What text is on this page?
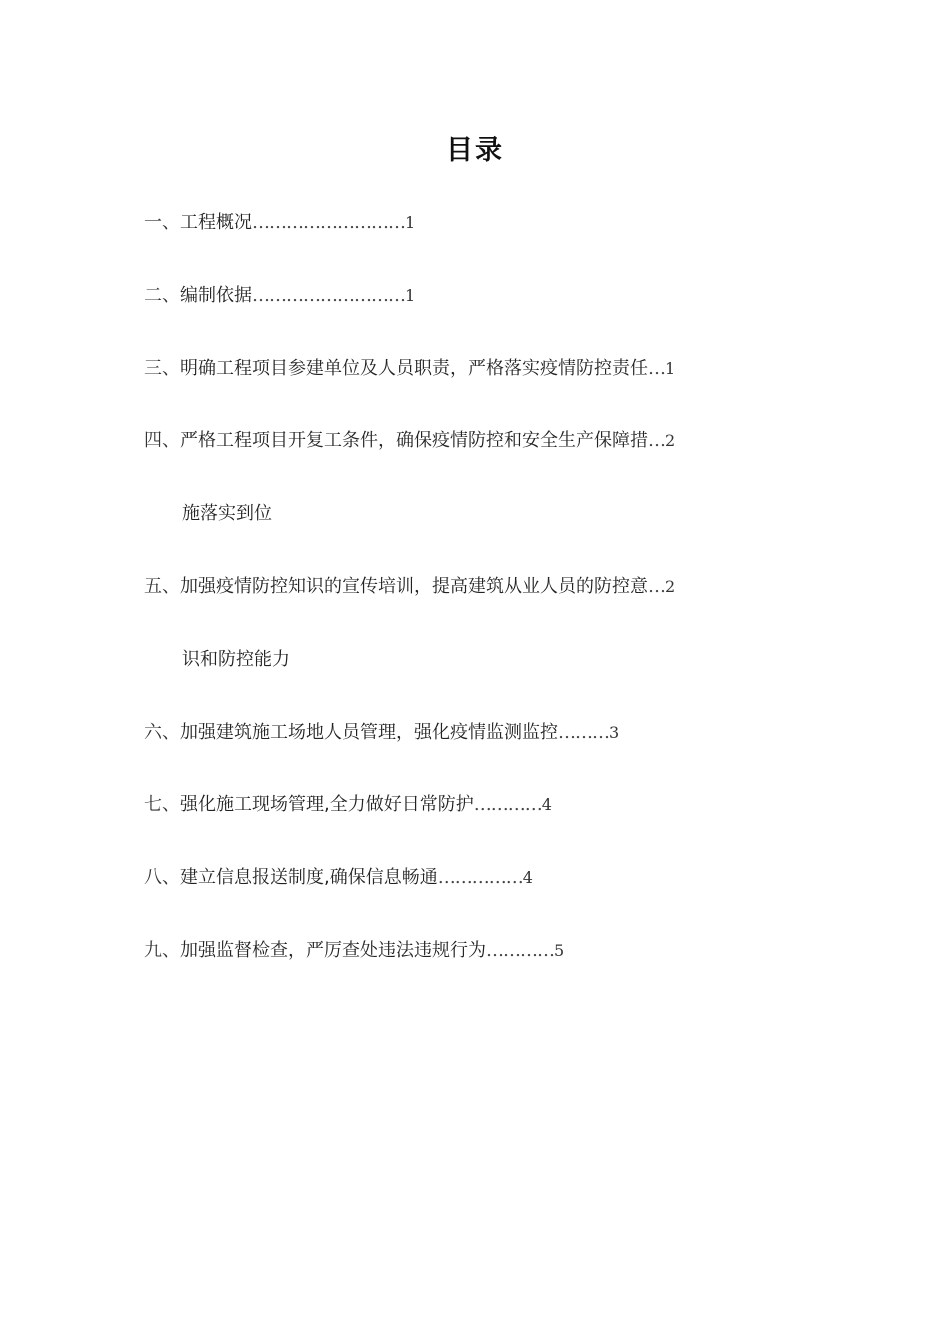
目录
一、工程概况………………………1
二、编制依据………………………1
三、明确工程项目参建单位及人员职责，严格落实疫情防控责任…1
四、严格工程项目开复工条件，确保疫情防控和安全生产保障措…2
施落实到位
五、加强疫情防控知识的宣传培训，提高建筑从业人员的防控意…2
识和防控能力
六、加强建筑施工场地人员管理，强化疫情监测监控………3
七、强化施工现场管理,全力做好日常防护…………4
八、建立信息报送制度,确保信息畅通……………4
九、加强监督检查，严厉查处违法违规行为…………5
